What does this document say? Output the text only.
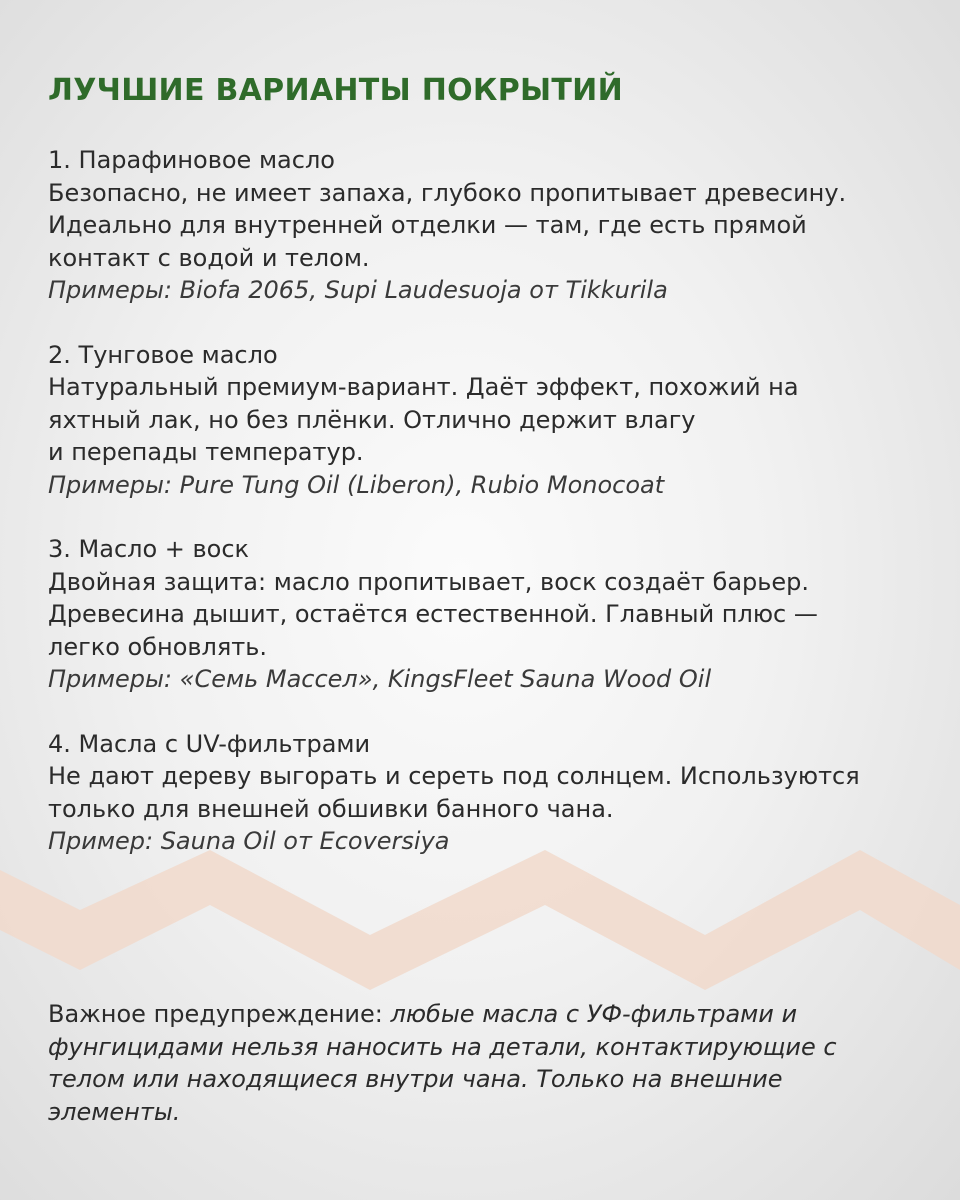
ЛУЧШИЕ ВАРИАНТЫ ПОКРЫТИЙ
1. Парафиновое масло
Безопасно, не имеет запаха, глубоко пропитывает древесину.
Идеально для внутренней отделки — там, где есть прямой
контакт с водой и телом.
Примеры: Biofa 2065, Supi Laudesuoja от Tikkurila
2. Тунговое масло
Натуральный премиум-вариант. Даёт эффект, похожий на
яхтный лак, но без плёнки. Отлично держит влагу
и перепады температур.
Примеры: Pure Tung Oil (Liberon), Rubio Monocoat
3. Масло + воск
Двойная защита: масло пропитывает, воск создаёт барьер.
Древесина дышит, остаётся естественной. Главный плюс —
легко обновлять.
Примеры: «Семь Массел», KingsFleet Sauna Wood Oil
4. Масла с UV-фильтрами
Не дают дереву выгорать и сереть под солнцем. Используются
только для внешней обшивки банного чана.
Пример: Sauna Oil от Ecoversiya
Важное предупреждение: любые масла с УФ-фильтрами и
фунгицидами нельзя наносить на детали, контактирующие с
телом или находящиеся внутри чана. Только на внешние
элементы.
